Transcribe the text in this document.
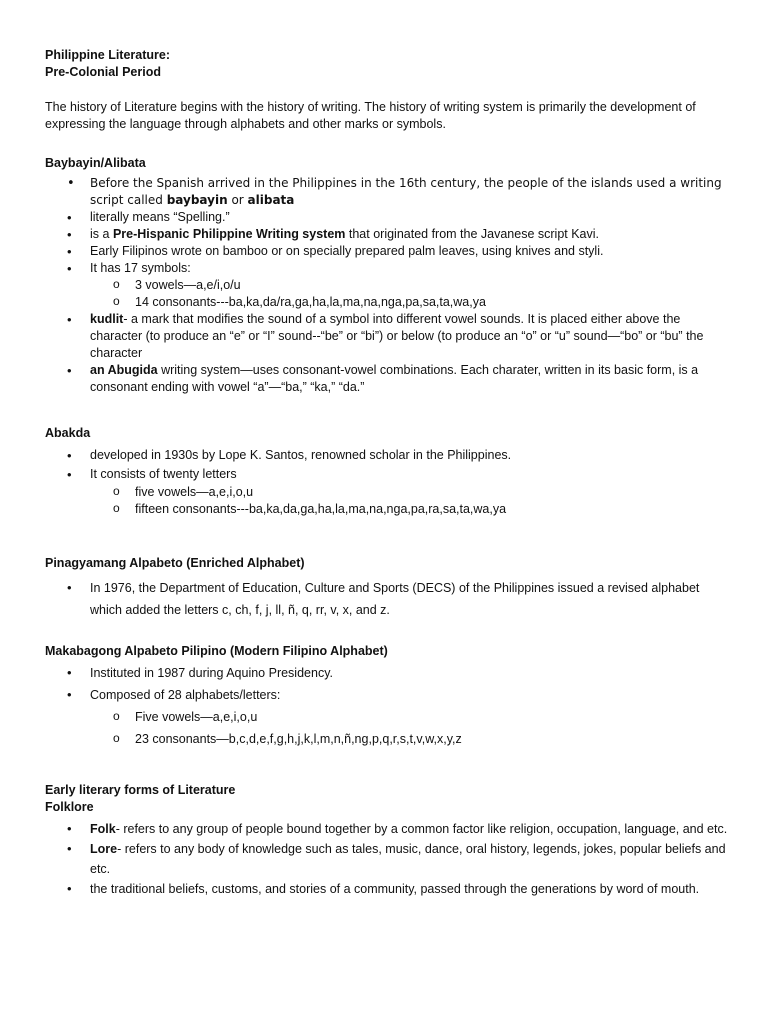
Philippine Literature:
Pre-Colonial Period
The history of Literature begins with the history of writing. The history of writing system is primarily the development of expressing the language through alphabets and other marks or symbols.
Baybayin/Alibata
• Before the Spanish arrived in the Philippines in the 16th century, the people of the islands used a writing script called baybayin or alibata
• literally means “Spelling.”
• is a Pre-Hispanic Philippine Writing system that originated from the Javanese script Kavi.
• Early Filipinos wrote on bamboo or on specially prepared palm leaves, using knives and styli.
• It has 17 symbols:
o 3 vowels—a,e/i,o/u
o 14 consonants---ba,ka,da/ra,ga,ha,la,ma,na,nga,pa,sa,ta,wa,ya
• kudlit- a mark that modifies the sound of a symbol into different vowel sounds. It is placed either above the character (to produce an “e” or “I” sound--“be” or “bi”) or below (to produce an “o” or “u” sound—“bo” or “bu” the character
• an Abugida writing system—uses consonant-vowel combinations. Each charater, written in its basic form, is a consonant ending with vowel “a”—“ba,” “ka,” “da.”
Abakda
• developed in 1930s by Lope K. Santos, renowned scholar in the Philippines.
• It consists of twenty letters
o five vowels—a,e,i,o,u
o fifteen consonants---ba,ka,da,ga,ha,la,ma,na,nga,pa,ra,sa,ta,wa,ya
Pinagyamang Alpabeto (Enriched Alphabet)
• In 1976, the Department of Education, Culture and Sports (DECS) of the Philippines issued a revised alphabet which added the letters c, ch, f, j, ll, ñ, q, rr, v, x, and z.
Makabagong Alpabeto Pilipino (Modern Filipino Alphabet)
• Instituted in 1987 during Aquino Presidency.
• Composed of 28 alphabets/letters:
o Five vowels—a,e,i,o,u
o 23 consonants—b,c,d,e,f,g,h,j,k,l,m,n,ñ,ng,p,q,r,s,t,v,w,x,y,z
Early literary forms of Literature
Folklore
• Folk- refers to any group of people bound together by a common factor like religion, occupation, language, and etc.
• Lore- refers to any body of knowledge such as tales, music, dance, oral history, legends, jokes, popular beliefs and etc.
• the traditional beliefs, customs, and stories of a community, passed through the generations by word of mouth.
